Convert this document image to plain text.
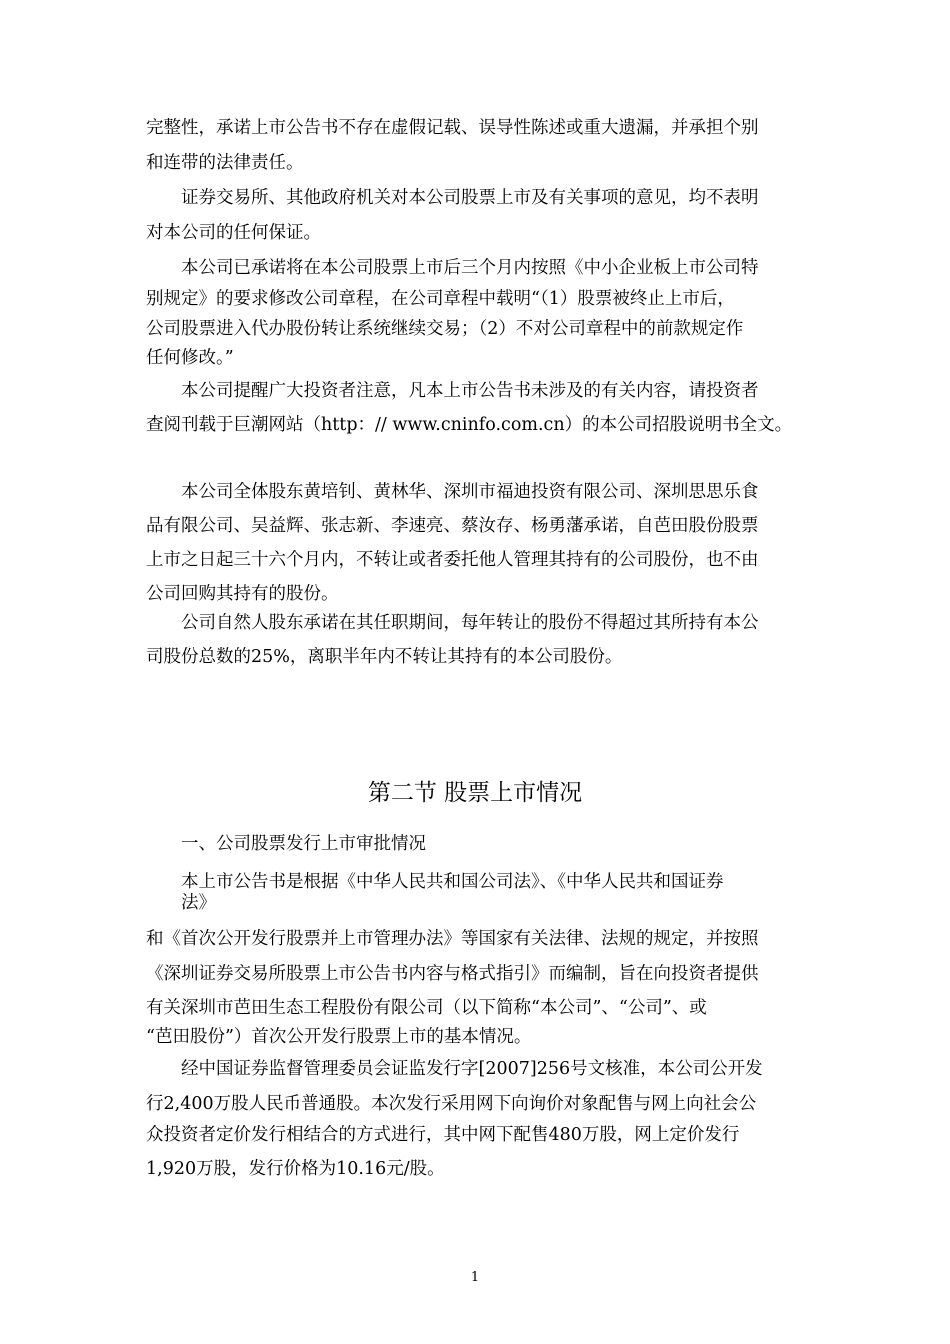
完整性，承诺上市公告书不存在虚假记载、误导性陈述或重大遗漏，并承担个别
和连带的法律责任。
证券交易所、其他政府机关对本公司股票上市及有关事项的意见，均不表明
对本公司的任何保证。
本公司已承诺将在本公司股票上市后三个月内按照《中小企业板上市公司特
别规定》的要求修改公司章程，在公司章程中载明“（1）股票被终止上市后，
公司股票进入代办股份转让系统继续交易；（2）不对公司章程中的前款规定作
任何修改。”
本公司提醒广大投资者注意，凡本上市公告书未涉及的有关内容，请投资者
查阅刊载于巨潮网站（http：// www.cninfo.com.cn）的本公司招股说明书全文。
本公司全体股东黄培钊、黄林华、深圳市福迪投资有限公司、深圳思思乐食
品有限公司、吴益辉、张志新、李速亮、蔡汝存、杨勇藩承诺，自芭田股份股票
上市之日起三十六个月内，不转让或者委托他人管理其持有的公司股份，也不由
公司回购其持有的股份。
公司自然人股东承诺在其任职期间，每年转让的股份不得超过其所持有本公
司股份总数的25%，离职半年内不转让其持有的本公司股份。
第二节 股票上市情况
一、公司股票发行上市审批情况
本上市公告书是根据《中华人民共和国公司法》、《中华人民共和国证券
法》
和《首次公开发行股票并上市管理办法》等国家有关法律、法规的规定，并按照
《深圳证券交易所股票上市公告书内容与格式指引》而编制，旨在向投资者提供
有关深圳市芭田生态工程股份有限公司（以下简称“本公司”、“公司”、或
“芭田股份”）首次公开发行股票上市的基本情况。
经中国证券监督管理委员会证监发行字[2007]256号文核准，本公司公开发
行2,400万股人民币普通股。本次发行采用网下向询价对象配售与网上向社会公
众投资者定价发行相结合的方式进行，其中网下配售480万股，网上定价发行
1,920万股，发行价格为10.16元/股。
1
